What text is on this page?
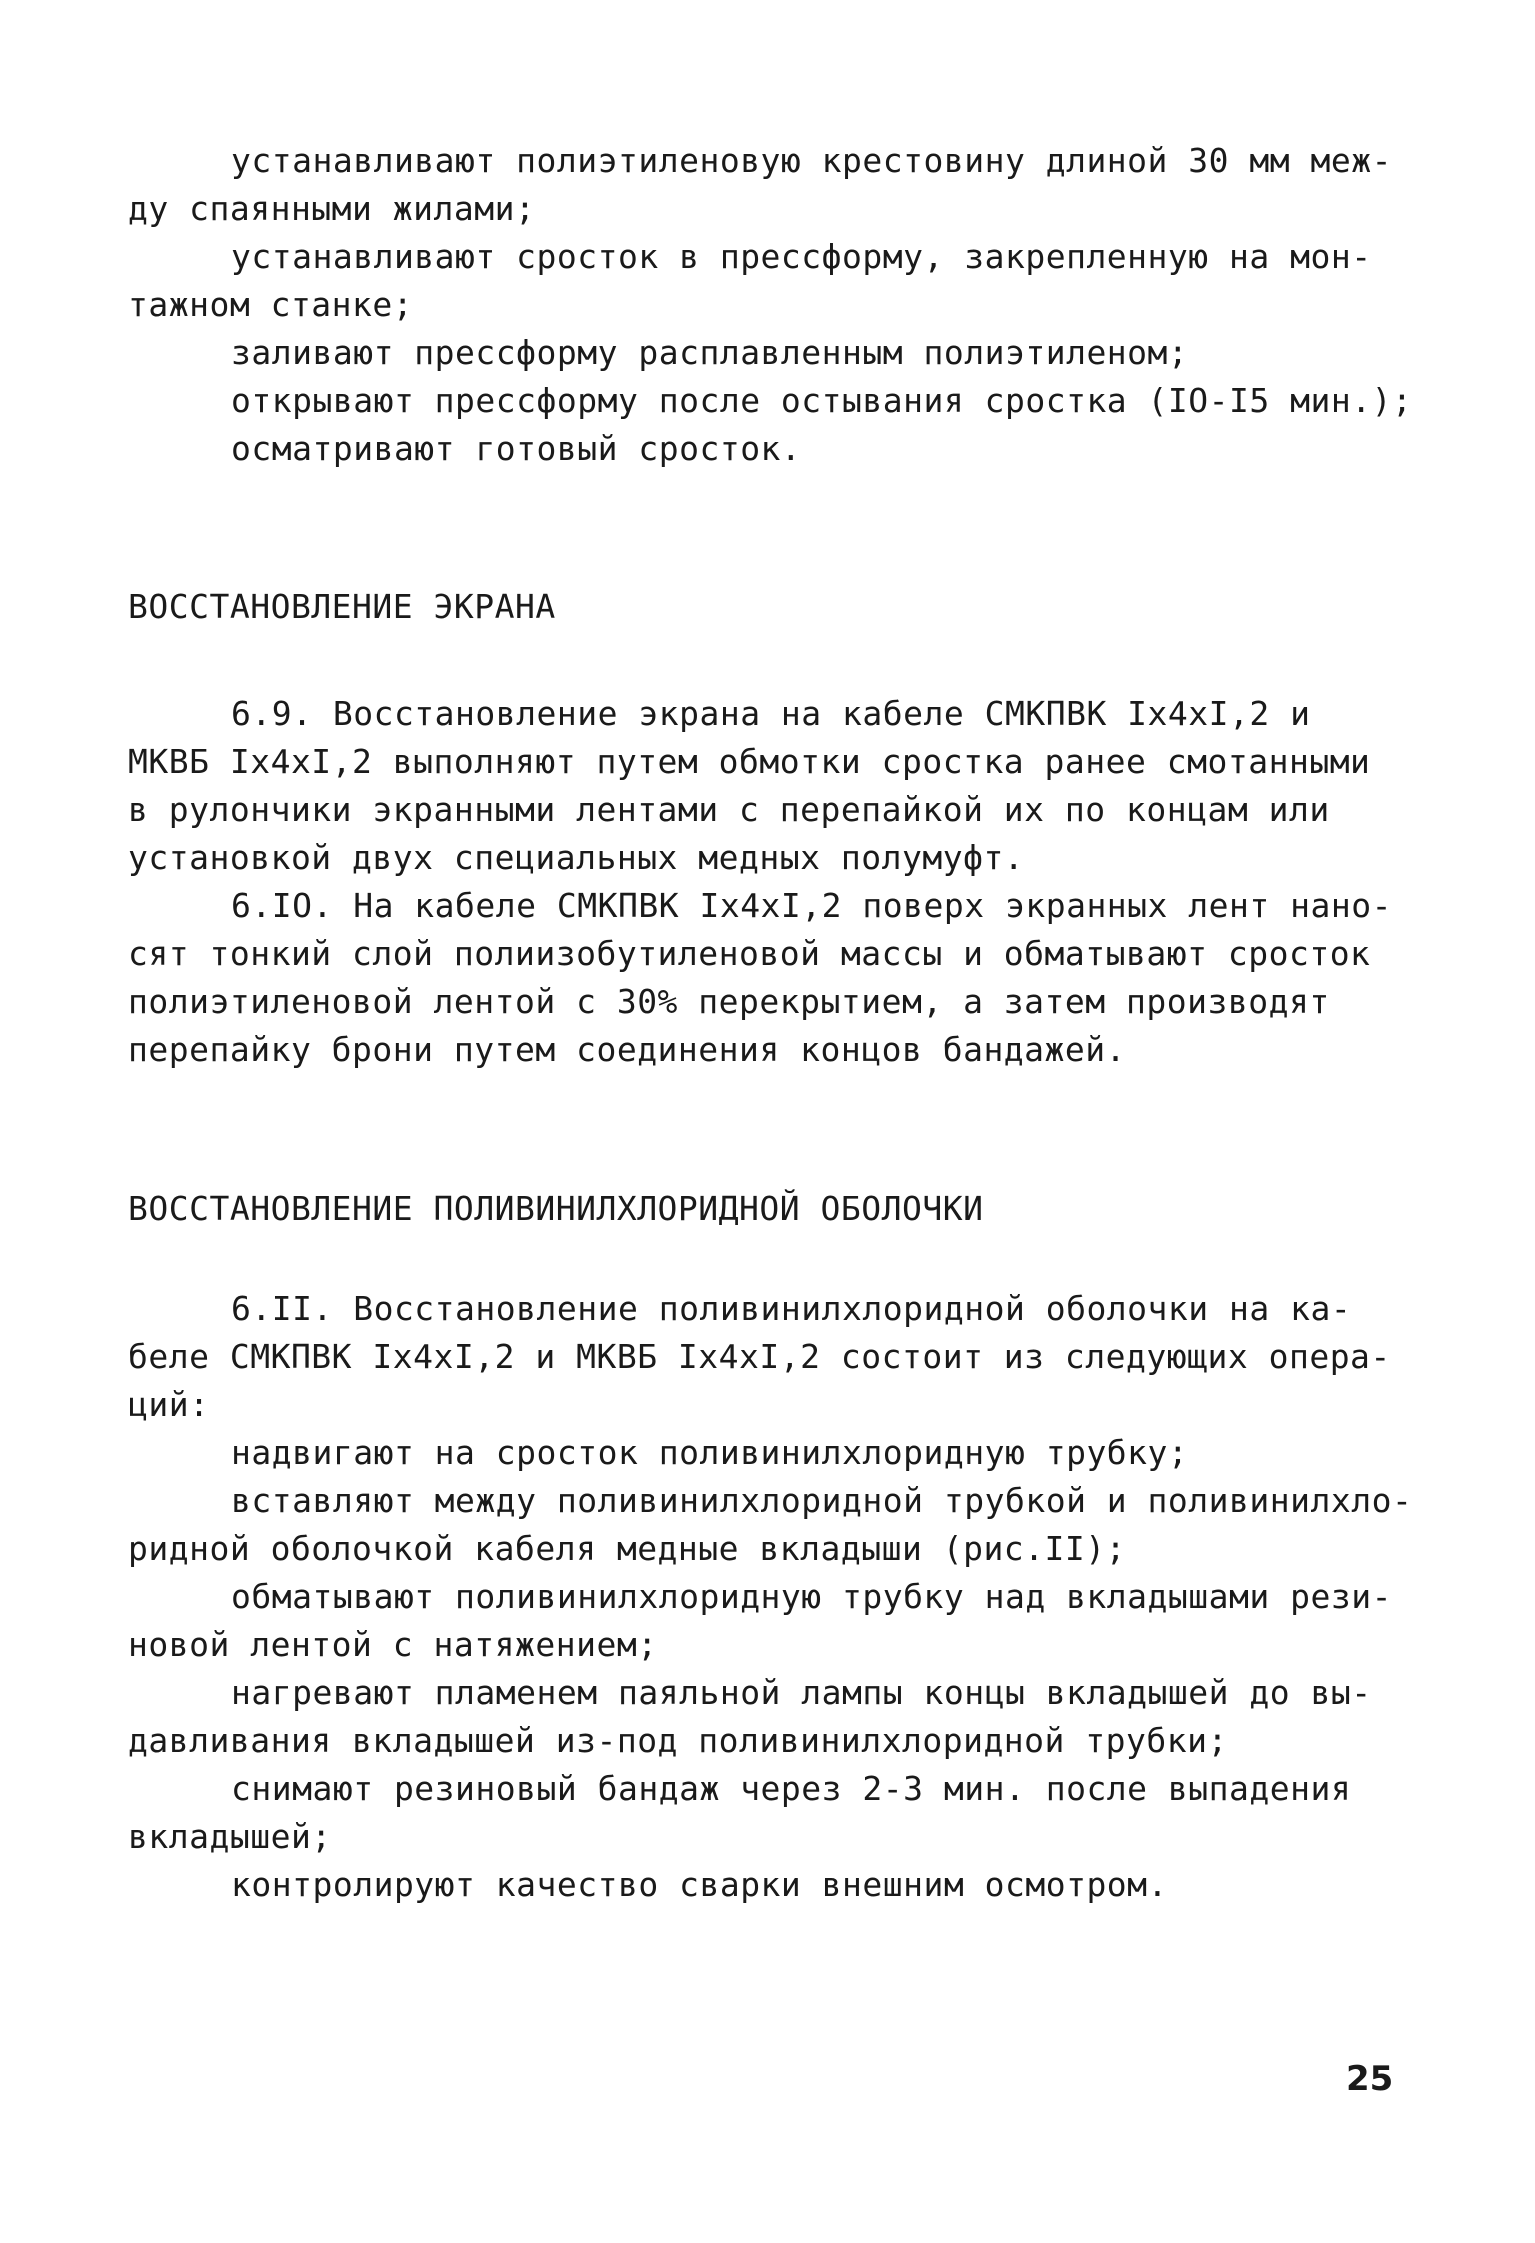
устанавливают полиэтиленовую крестовину длиной 30 мм меж-
ду спаянными жилами;
устанавливают сросток в прессформу, закрепленную на мон-
тажном станке;
заливают прессформу расплавленным полиэтиленом;
открывают прессформу после остывания сростка (IO-I5 мин.);
осматривают готовый сросток.
ВОССТАНОВЛЕНИЕ ЭКРАНА
6.9. Восстановление экрана на кабеле СМКПВК Iх4хI,2 и
МКВБ Iх4хI,2 выполняют путем обмотки сростка ранее смотанными
в рулончики экранными лентами с перепайкой их по концам или
установкой двух специальных медных полумуфт.
6.IO. На кабеле СМКПВК Iх4хI,2 поверх экранных лент нано-
сят тонкий слой полиизобутиленовой массы и обматывают сросток
полиэтиленовой лентой с 30% перекрытием, а затем производят
перепайку брони путем соединения концов бандажей.
ВОССТАНОВЛЕНИЕ ПОЛИВИНИЛХЛОРИДНОЙ ОБОЛОЧКИ
6.II. Восстановление поливинилхлоридной оболочки на ка-
беле СМКПВК Iх4хI,2 и МКВБ Iх4хI,2 состоит из следующих опера-
ций:
надвигают на сросток поливинилхлоридную трубку;
вставляют между поливинилхлоридной трубкой и поливинилхло-
ридной оболочкой кабеля медные вкладыши (рис.II);
обматывают поливинилхлоридную трубку над вкладышами рези-
новой лентой с натяжением;
нагревают пламенем паяльной лампы концы вкладышей до вы-
давливания вкладышей из-под поливинилхлоридной трубки;
снимают резиновый бандаж через 2-3 мин. после выпадения
вкладышей;
контролируют качество сварки внешним осмотром.
25
